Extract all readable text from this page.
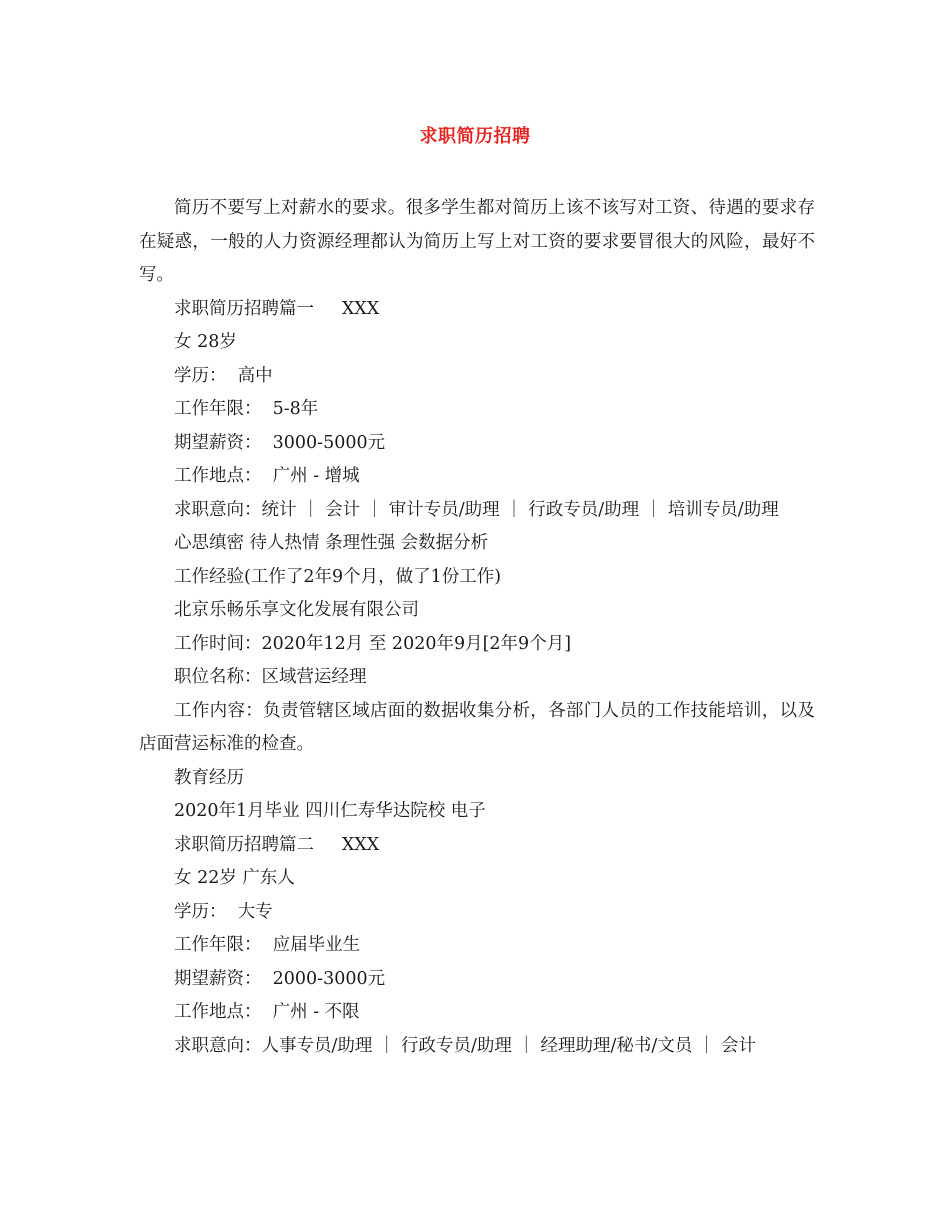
求职简历招聘

简历不要写上对薪水的要求。很多学生都对简历上该不该写对工资、待遇的要求存在疑惑，一般的人力资源经理都认为简历上写上对工资的要求要冒很大的风险，最好不写。

求职简历招聘篇一     XXX

女 28岁

学历：  高中

工作年限：  5-8年

期望薪资：  3000-5000元

工作地点：  广州 - 增城

求职意向：统计 ｜ 会计 ｜ 审计专员/助理 ｜ 行政专员/助理 ｜ 培训专员/助理

心思缜密 待人热情 条理性强 会数据分析

工作经验(工作了2年9个月，做了1份工作)

北京乐畅乐享文化发展有限公司

工作时间：2020年12月 至 2020年9月[2年9个月]

职位名称：区域营运经理

工作内容：负责管辖区域店面的数据收集分析，各部门人员的工作技能培训，以及店面营运标准的检查。

教育经历

2020年1月毕业 四川仁寿华达院校 电子

求职简历招聘篇二     XXX

女 22岁 广东人

学历：  大专

工作年限：  应届毕业生

期望薪资：  2000-3000元

工作地点：  广州 - 不限

求职意向：人事专员/助理 ｜ 行政专员/助理 ｜ 经理助理/秘书/文员 ｜ 会计
